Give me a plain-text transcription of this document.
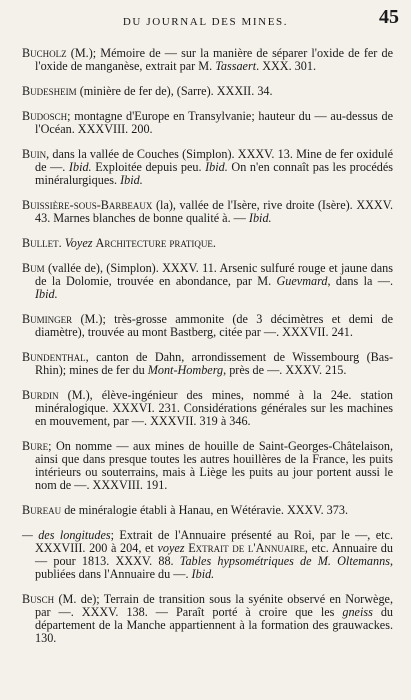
DU JOURNAL DES MINES.	45

Bucholz (M.); Mémoire de — sur la manière de séparer l'oxide de fer de l'oxide de manganèse, extrait par M. Tassaert. XXX. 301.

Budesheim (minière de fer de), (Sarre). XXXII. 34.

Budosch; montagne d'Europe en Transylvanie; hauteur du — au-dessus de l'Océan. XXXVIII. 200.

Buin, dans la vallée de Couches (Simplon). XXXV. 13. Mine de fer oxidulé de —. Ibid. Exploitée depuis peu. Ibid. On n'en connaît pas les procédés minéralurgiques. Ibid.

Buissière-sous-Barbeaux (la), vallée de l'Isère, rive droite (Isère). XXXV. 43. Marnes blanches de bonne qualité à. — Ibid.

Bullet. Voyez Architecture pratique.

Bum (vallée de), (Simplon). XXXV. 11. Arsenic sulfuré rouge et jaune dans de la Dolomie, trouvée en abondance, par M. Guevmard, dans la —. Ibid.

Buminger (M.); très-grosse ammonite (de 3 décimètres et demi de diamètre), trouvée au mont Bastberg, citée par —. XXXVII. 241.

Bundenthal, canton de Dahn, arrondissement de Wissembourg (Bas-Rhin); mines de fer du Mont-Homberg, près de —. XXXV. 215.

Burdin (M.), élève-ingénieur des mines, nommé à la 24e. station minéralogique. XXXVI. 231. Considérations générales sur les machines en mouvement, par —. XXXVII. 319 à 346.

Bure; On nomme — aux mines de houille de Saint-Georges-Châtelaison, ainsi que dans presque toutes les autres houillères de la France, les puits intérieurs ou souterrains, mais à Liège les puits au jour portent aussi le nom de —. XXXVIII. 191.

Bureau de minéralogie établi à Hanau, en Wétéravie. XXXV. 373.

— des longitudes; Extrait de l'Annuaire présenté au Roi, par le —, etc. XXXVIII. 200 à 204, et voyez Extrait de l'Annuaire, etc. Annuaire du — pour 1813. XXXV. 88. Tables hypsométriques de M. Oltemanns, publiées dans l'Annuaire du —. Ibid.

Busch (M. de); Terrain de transition sous la syénite observé en Norwège, par —. XXXV. 138. — Paraît porté à croire que les gneiss du département de la Manche appartiennent à la formation des grauwackes. 130.
